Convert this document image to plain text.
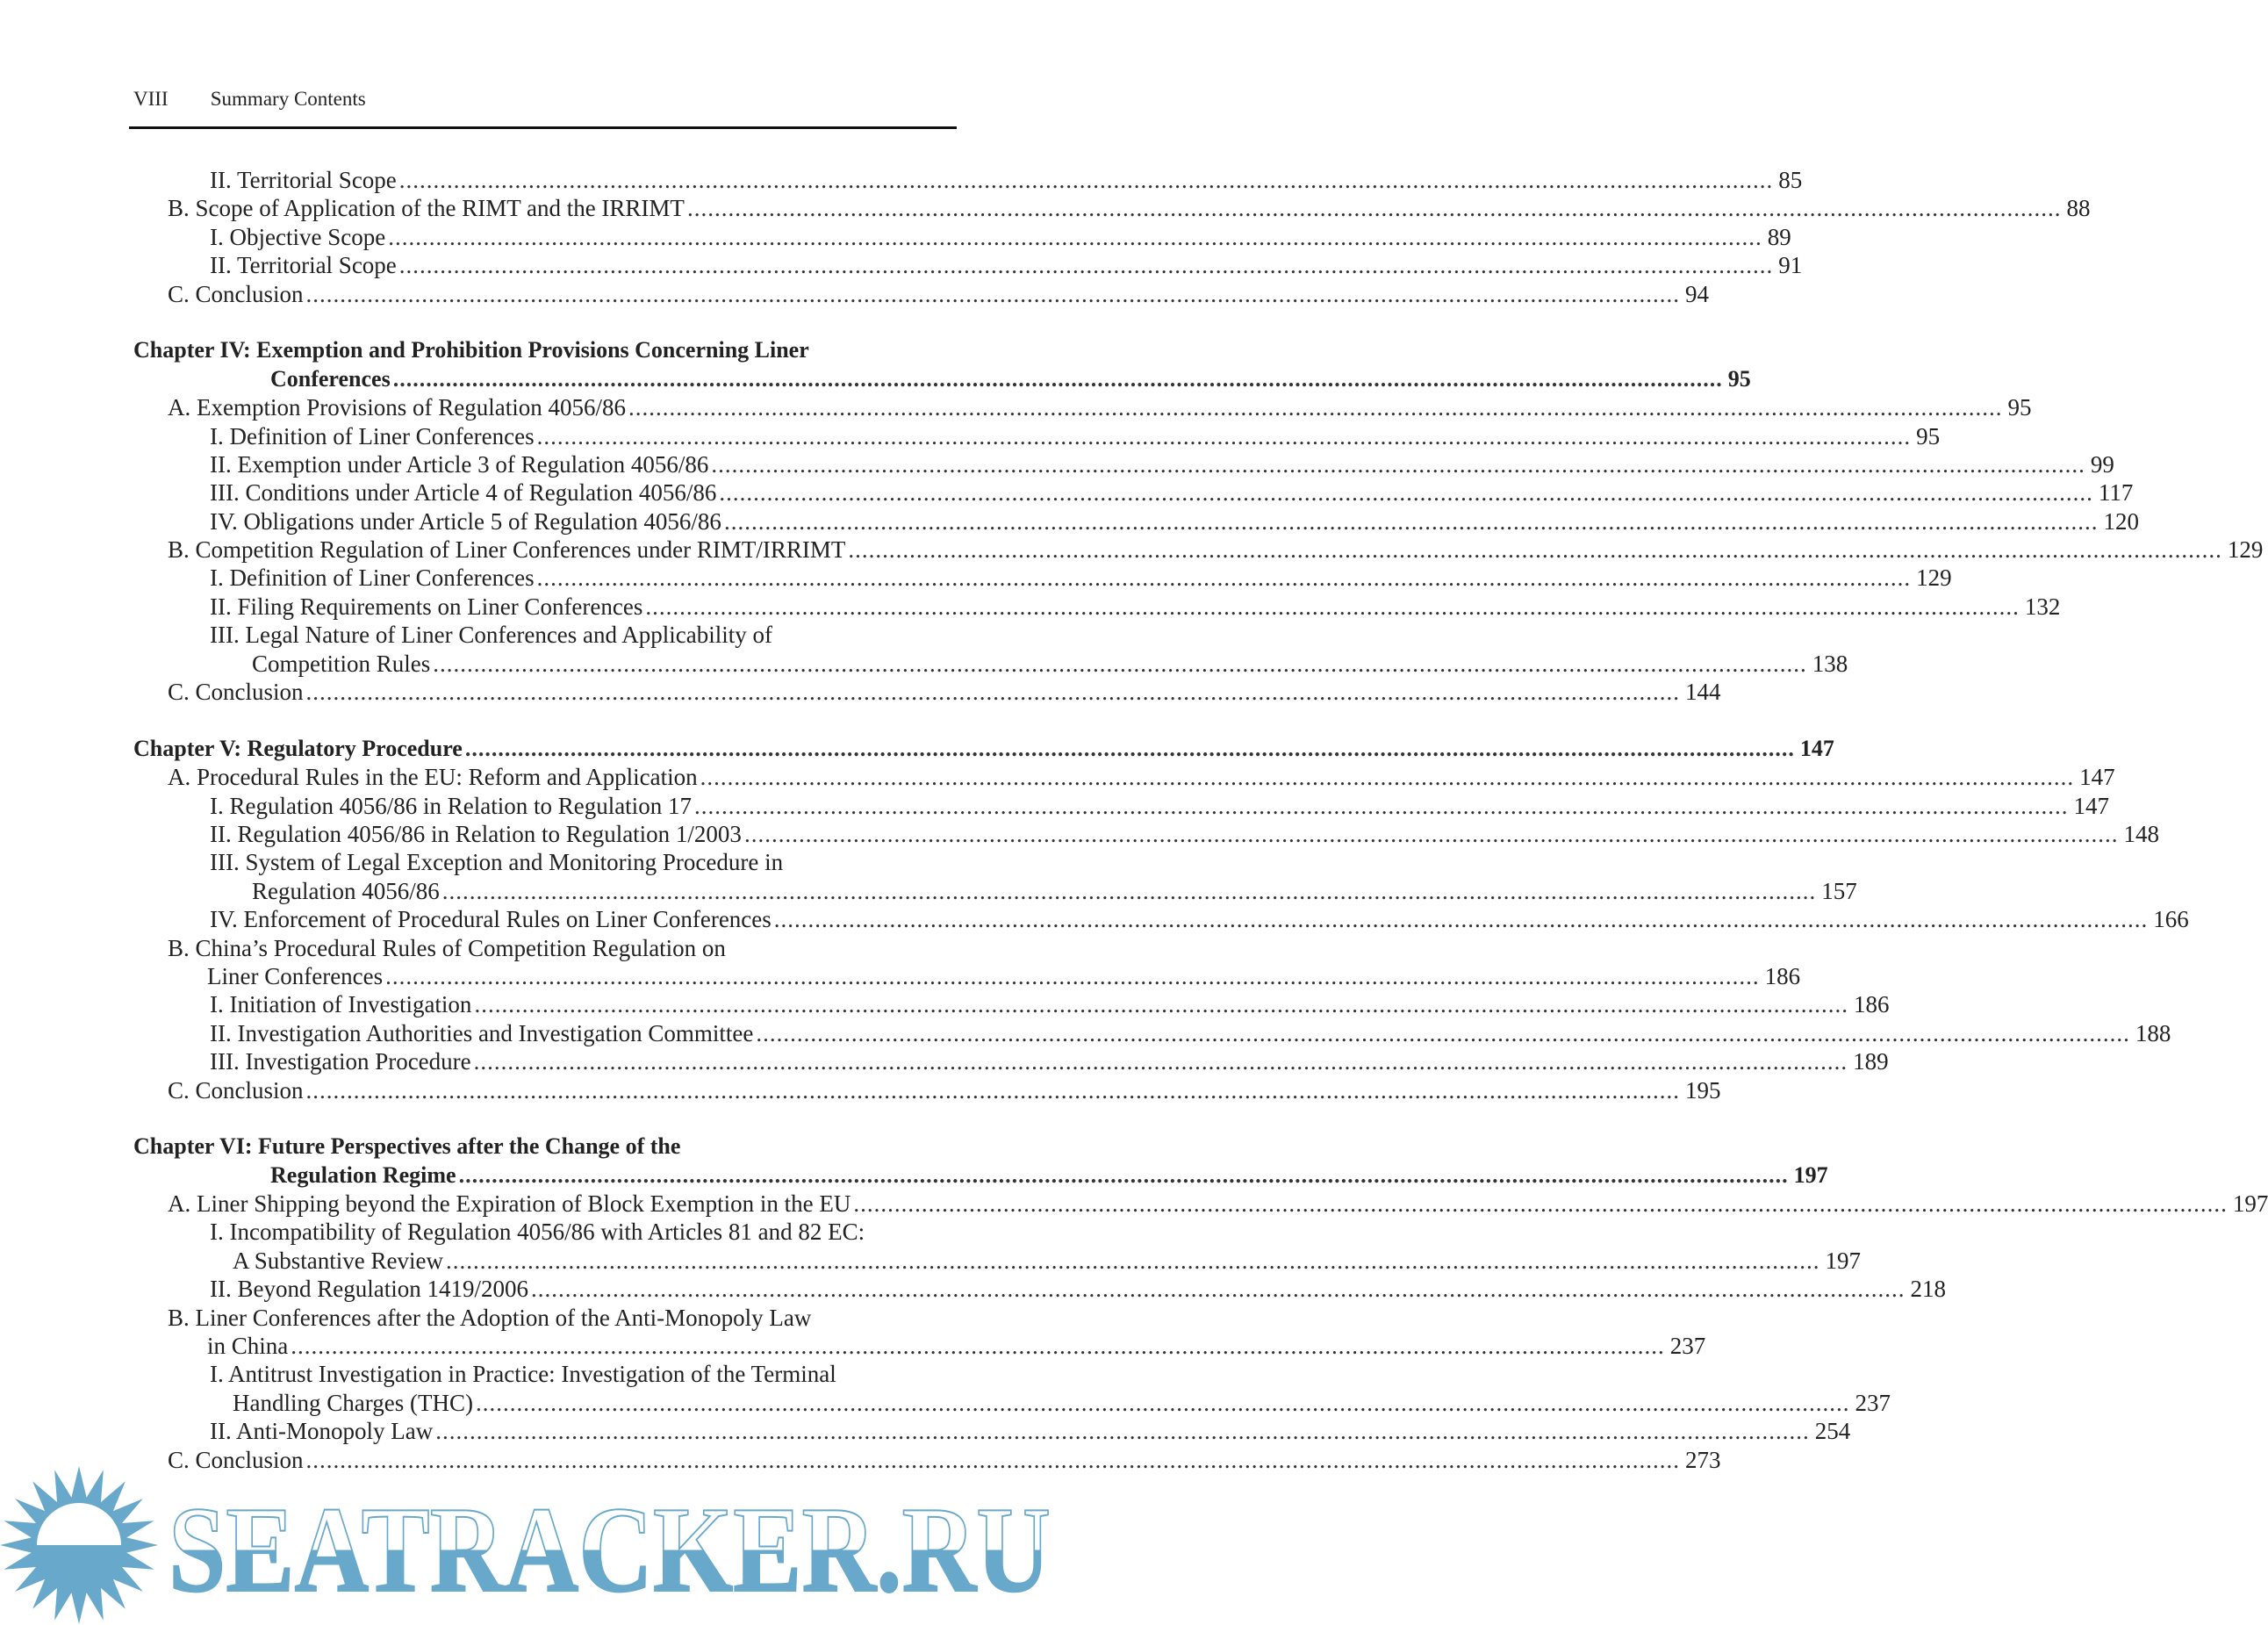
VIII Summary Contents
II. Territorial Scope .....	85
B. Scope of Application of the RIMT and the IRRIMT .....	88
I. Objective Scope .....	89
II. Territorial Scope .....	91
C. Conclusion .....	94
Chapter IV: Exemption and Prohibition Provisions Concerning Liner
Conferences .....	95
A. Exemption Provisions of Regulation 4056/86 .....	95
I. Definition of Liner Conferences .....	95
II. Exemption under Article 3 of Regulation 4056/86 .....	99
III. Conditions under Article 4 of Regulation 4056/86 .....	117
IV. Obligations under Article 5 of Regulation 4056/86 .....	120
B. Competition Regulation of Liner Conferences under RIMT/IRRIMT .....	129
I. Definition of Liner Conferences .....	129
II. Filing Requirements on Liner Conferences .....	132
III. Legal Nature of Liner Conferences and Applicability of
Competition Rules .....	138
C. Conclusion .....	144
Chapter V: Regulatory Procedure .....	147
A. Procedural Rules in the EU: Reform and Application .....	147
I. Regulation 4056/86 in Relation to Regulation 17 .....	147
II. Regulation 4056/86 in Relation to Regulation 1/2003 .....	148
III. System of Legal Exception and Monitoring Procedure in
Regulation 4056/86 .....	157
IV. Enforcement of Procedural Rules on Liner Conferences .....	166
B. China’s Procedural Rules of Competition Regulation on
Liner Conferences .....	186
I. Initiation of Investigation .....	186
II. Investigation Authorities and Investigation Committee .....	188
III. Investigation Procedure .....	189
C. Conclusion .....	195
Chapter VI: Future Perspectives after the Change of the
Regulation Regime .....	197
A. Liner Shipping beyond the Expiration of Block Exemption in the EU .....	197
I. Incompatibility of Regulation 4056/86 with Articles 81 and 82 EC:
A Substantive Review .....	197
II. Beyond Regulation 1419/2006 .....	218
B. Liner Conferences after the Adoption of the Anti-Monopoly Law
in China .....	237
I. Antitrust Investigation in Practice: Investigation of the Terminal
Handling Charges (THC) .....	237
II. Anti-Monopoly Law .....	254
C. Conclusion .....	273
SEATRACKER.RU
